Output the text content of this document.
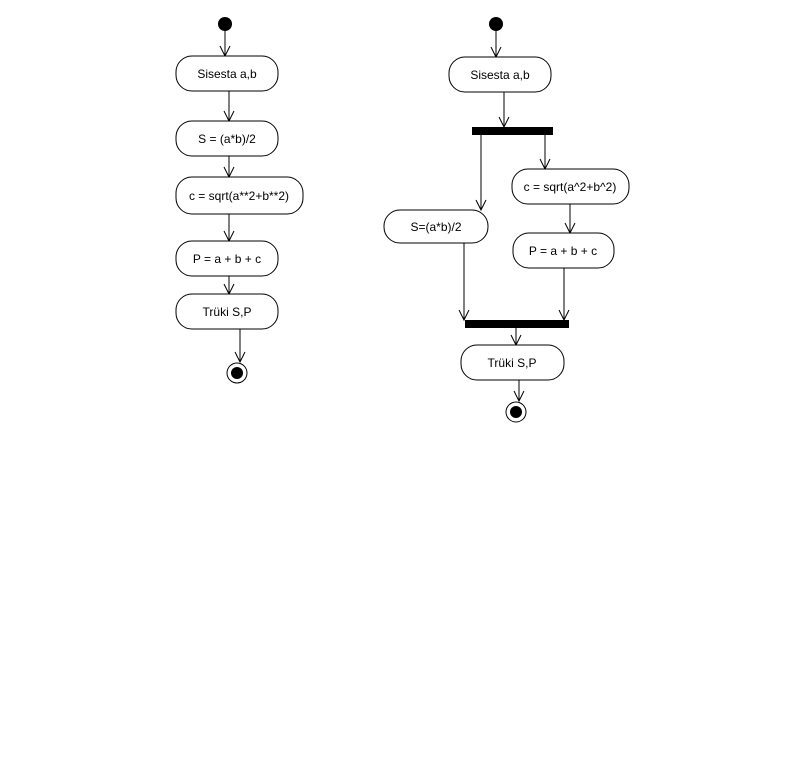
Sisesta a,b
S = (a*b)/2
c = sqrt(a**2+b**2)
P = a + b + c
Trüki S,P
Sisesta a,b
c = sqrt(a^2+b^2)
S=(a*b)/2
P = a + b + c
Trüki S,P
